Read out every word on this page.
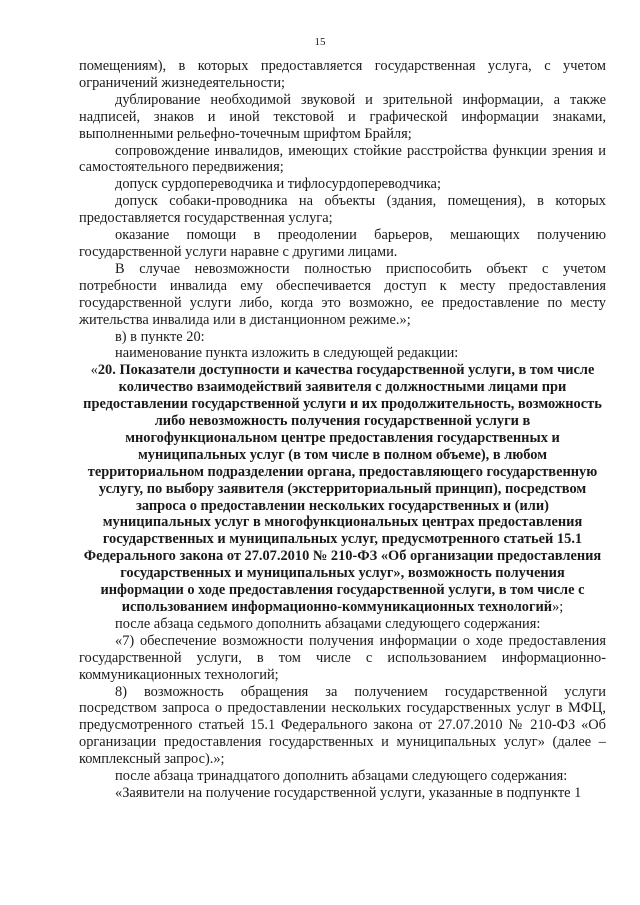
15

помещениям), в которых предоставляется государственная услуга, с учетом ограничений жизнедеятельности;

дублирование необходимой звуковой и зрительной информации, а также надписей, знаков и иной текстовой и графической информации знаками, выполненными рельефно-точечным шрифтом Брайля;

сопровождение инвалидов, имеющих стойкие расстройства функции зрения и самостоятельного передвижения;

допуск сурдопереводчика и тифлосурдопереводчика;

допуск собаки-проводника на объекты (здания, помещения), в которых предоставляется государственная услуга;

оказание помощи в преодолении барьеров, мешающих получению государственной услуги наравне с другими лицами.

В случае невозможности полностью приспособить объект с учетом потребности инвалида ему обеспечивается доступ к месту предоставления государственной услуги либо, когда это возможно, ее предоставление по месту жительства инвалида или в дистанционном режиме.»;

в) в пункте 20:

наименование пункта изложить в следующей редакции:

«20. Показатели доступности и качества государственной услуги, в том числе количество взаимодействий заявителя с должностными лицами при предоставлении государственной услуги и их продолжительность, возможность либо невозможность получения государственной услуги в многофункциональном центре предоставления государственных и муниципальных услуг (в том числе в полном объеме), в любом территориальном подразделении органа, предоставляющего государственную услугу, по выбору заявителя (экстерриториальный принцип), посредством запроса о предоставлении нескольких государственных и (или) муниципальных услуг в многофункциональных центрах предоставления государственных и муниципальных услуг, предусмотренного статьей 15.1 Федерального закона от 27.07.2010 № 210-ФЗ «Об организации предоставления государственных и муниципальных услуг», возможность получения информации о ходе предоставления государственной услуги, в том числе с использованием информационно-коммуникационных технологий»;

после абзаца седьмого дополнить абзацами следующего содержания:

«7) обеспечение возможности получения информации о ходе предоставления государственной услуги, в том числе с использованием информационно-коммуникационных технологий;

8) возможность обращения за получением государственной услуги посредством запроса о предоставлении нескольких государственных услуг в МФЦ, предусмотренного статьей 15.1 Федерального закона от 27.07.2010 № 210-ФЗ «Об организации предоставления государственных и муниципальных услуг» (далее – комплексный запрос).»;

после абзаца тринадцатого дополнить абзацами следующего содержания:

«Заявители на получение государственной услуги, указанные в подпункте 1
